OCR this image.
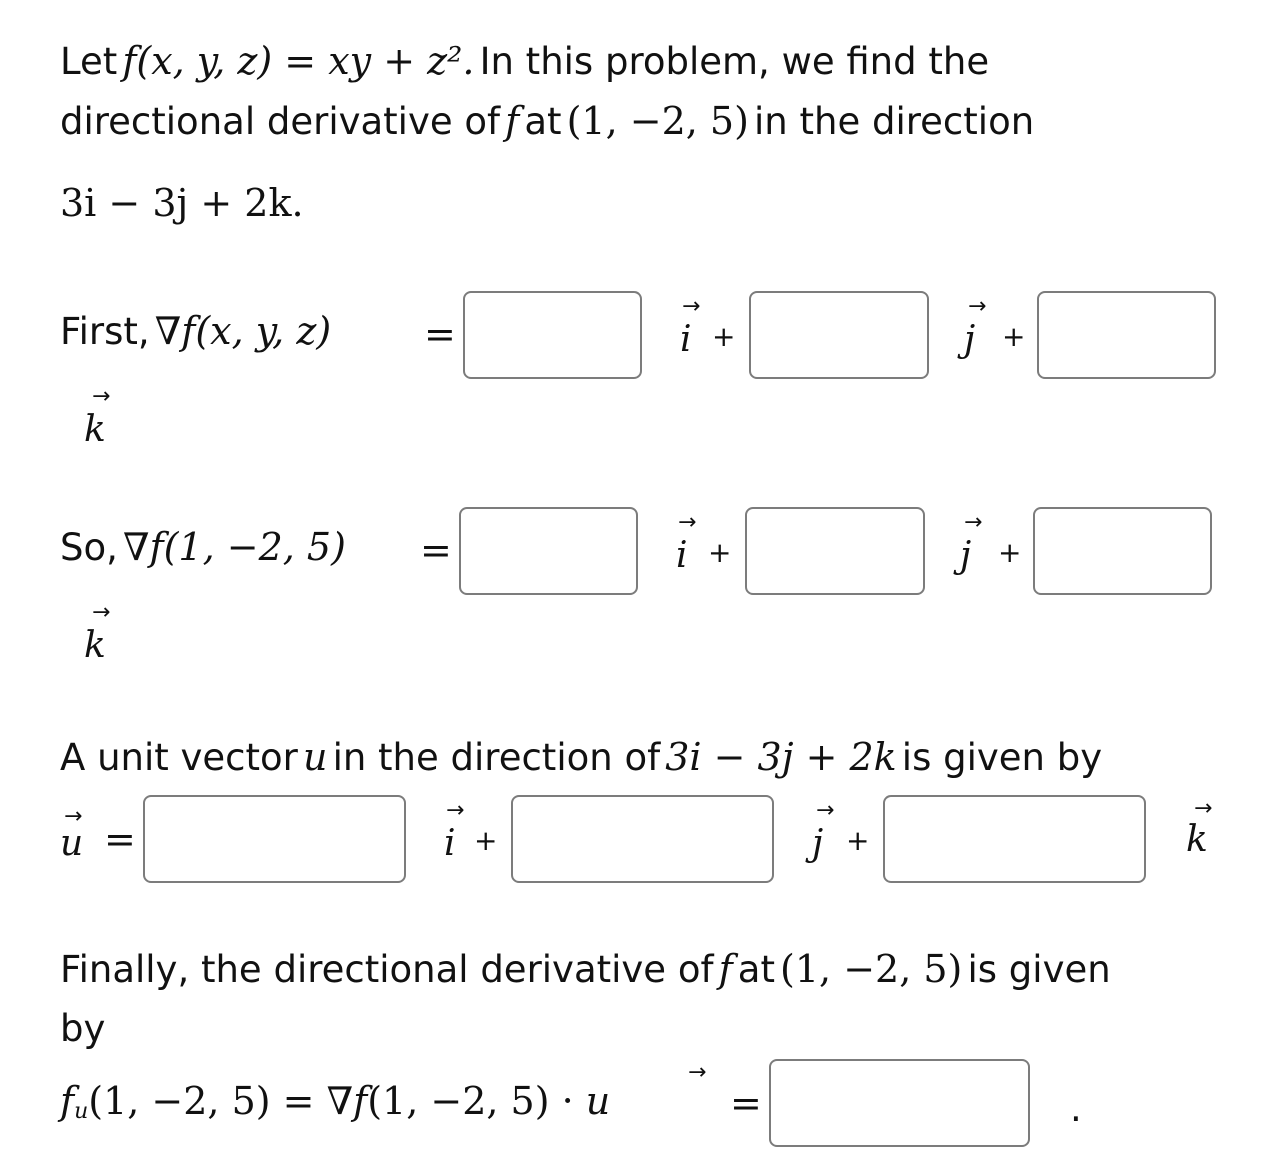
Let f(x, y, z) = xy + z². In this problem, we find the
directional derivative of f at (1, −2, 5) in the direction
3i − 3j + 2k.
First, ∇f(x, y, z) =	i
→
+	j
→
+
k
→
So, ∇f(1, −2, 5) =	i
→
+	j
→
+
k
→
A unit vector u in the direction of 3i − 3j + 2k is given by
u
→
=	i
→
+	j
→
+	k
→
Finally, the directional derivative of f at (1, −2, 5) is given
by
$f_u(1$, −2, 5) = ∇f(1, −2, 5) · u
→
=	.
